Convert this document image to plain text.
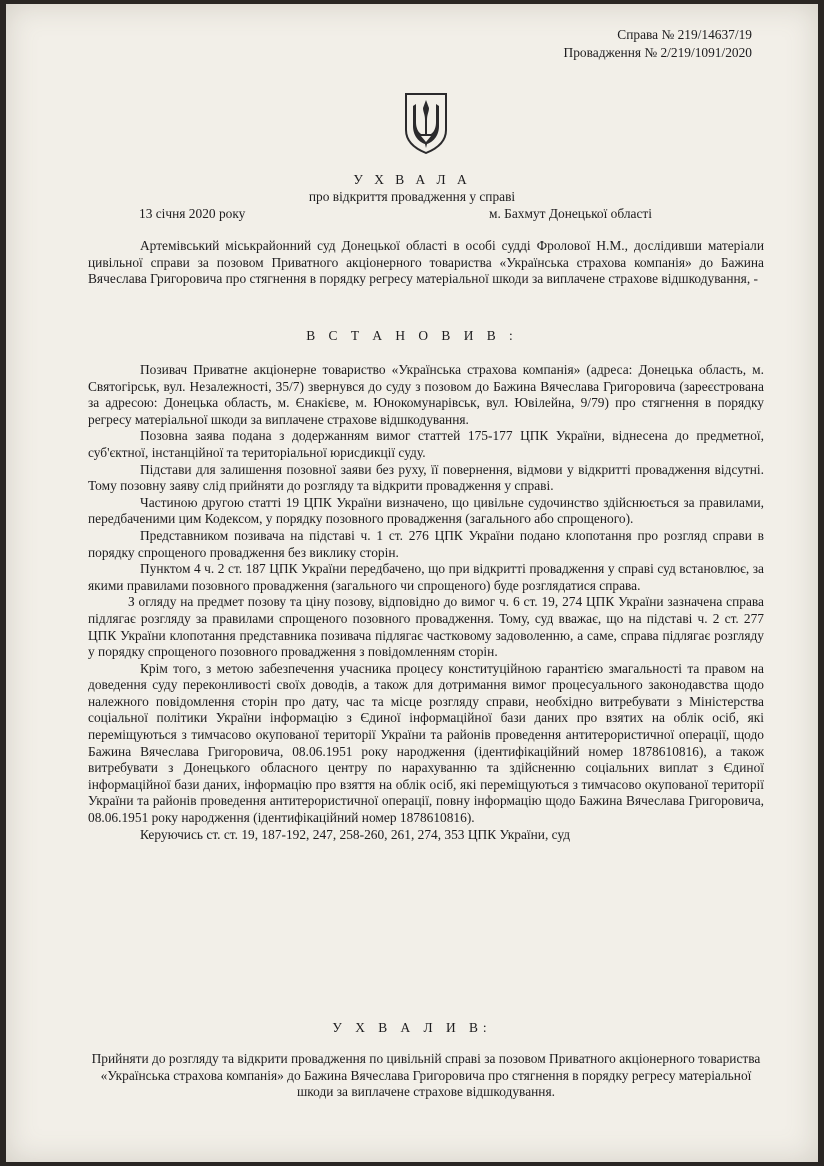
Справа № 219/14637/19
Провадження № 2/219/1091/2020
У Х В А Л А
про відкриття провадження у справі
13 січня 2020 року	м. Бахмут Донецької області

Артемівський міськрайонний суд Донецької області в особі судді Фролової Н.М., дослідивши матеріали цивільної справи за позовом Приватного акціонерного товариства «Українська страхова компанія» до Бажина Вячеслава Григоровича про стягнення в порядку регресу матеріальної шкоди за виплачене страхове відшкодування, -

В С Т А Н О В И В :

Позивач Приватне акціонерне товариство «Українська страхова компанія» (адреса: Донецька область, м. Святогірськ, вул. Незалежності, 35/7) звернувся до суду з позовом до Бажина Вячеслава Григоровича (зареєстрована за адресою: Донецька область, м. Єнакієве, м. Юнокомунарівськ, вул. Ювілейна, 9/79) про стягнення в порядку регресу матеріальної шкоди за виплачене страхове відшкодування.

Позовна заява подана з додержанням вимог статтей 175-177 ЦПК України, віднесена до предметної, суб'єктної, інстанційної та територіальної юрисдикції суду.

Підстави для залишення позовної заяви без руху, її повернення, відмови у відкритті провадження відсутні. Тому позовну заяву слід прийняти до розгляду та відкрити провадження у справі.

Частиною другою статті 19 ЦПК України визначено, що цивільне судочинство здійснюється за правилами, передбаченими цим Кодексом, у порядку позовного провадження (загального або спрощеного).

Представником позивача на підставі ч. 1 ст. 276 ЦПК України подано клопотання про розгляд справи в порядку спрощеного провадження без виклику сторін.

Пунктом 4 ч. 2 ст. 187 ЦПК України передбачено, що при відкритті провадження у справі суд встановлює, за якими правилами позовного провадження (загального чи спрощеного) буде розглядатися справа.

З огляду на предмет позову та ціну позову, відповідно до вимог ч. 6 ст. 19, 274 ЦПК України зазначена справа підлягає розгляду за правилами спрощеного позовного провадження. Тому, суд вважає, що на підставі ч. 2 ст. 277 ЦПК України клопотання представника позивача підлягає частковому задоволенню, а саме, справа підлягає розгляду у порядку спрощеного позовного провадження з повідомленням сторін.

Крім того, з метою забезпечення учасника процесу конституційною гарантією змагальності та правом на доведення суду переконливості своїх доводів, а також для дотримання вимог процесуального законодавства щодо належного повідомлення сторін про дату, час та місце розгляду справи, необхідно витребувати з Міністерства соціальної політики України інформацію з Єдиної інформаційної бази даних про взятих на облік осіб, які переміщуються з тимчасово окупованої території України та районів проведення антитерористичної операції, щодо Бажина Вячеслава Григоровича, 08.06.1951 року народження (ідентифікаційний номер 1878610816), а також витребувати з Донецького обласного центру по нарахуванню та здійсненню соціальних виплат з Єдиної інформаційної бази даних, інформацію про взяття на облік осіб, які переміщуються з тимчасово окупованої території України та районів проведення антитерористичної операції, повну інформацію щодо Бажина Вячеслава Григоровича, 08.06.1951 року народження (ідентифікаційний номер 1878610816).

Керуючись ст. ст. 19, 187-192, 247, 258-260, 261, 274, 353 ЦПК України, суд

У Х В А Л И В:

Прийняти до розгляду та відкрити провадження по цивільній справі за позовом Приватного акціонерного товариства «Українська страхова компанія» до Бажина Вячеслава Григоровича про стягнення в порядку регресу матеріальної шкоди за виплачене страхове відшкодування.
